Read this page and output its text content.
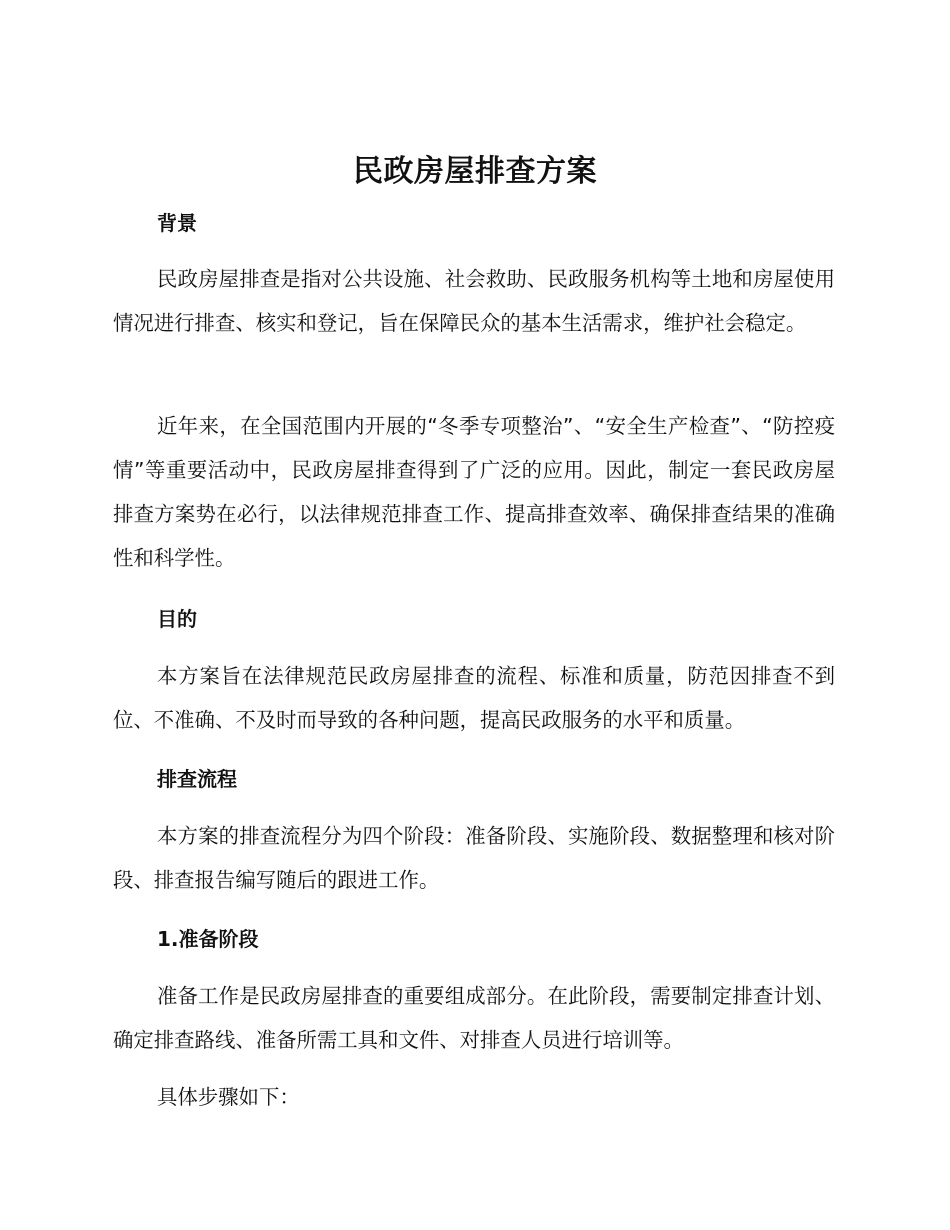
民政房屋排查方案
背景

民政房屋排查是指对公共设施、社会救助、民政服务机构等土地和房屋使用情况进行排查、核实和登记，旨在保障民众的基本生活需求，维护社会稳定。

近年来，在全国范围内开展的“冬季专项整治”、“安全生产检查”、“防控疫情”等重要活动中，民政房屋排查得到了广泛的应用。因此，制定一套民政房屋排查方案势在必行，以法律规范排查工作、提高排查效率、确保排查结果的准确性和科学性。

目的

本方案旨在法律规范民政房屋排查的流程、标准和质量，防范因排查不到位、不准确、不及时而导致的各种问题，提高民政服务的水平和质量。

排查流程

本方案的排查流程分为四个阶段：准备阶段、实施阶段、数据整理和核对阶段、排查报告编写随后的跟进工作。

1.准备阶段

准备工作是民政房屋排查的重要组成部分。在此阶段，需要制定排查计划、确定排查路线、准备所需工具和文件、对排查人员进行培训等。

具体步骤如下：
